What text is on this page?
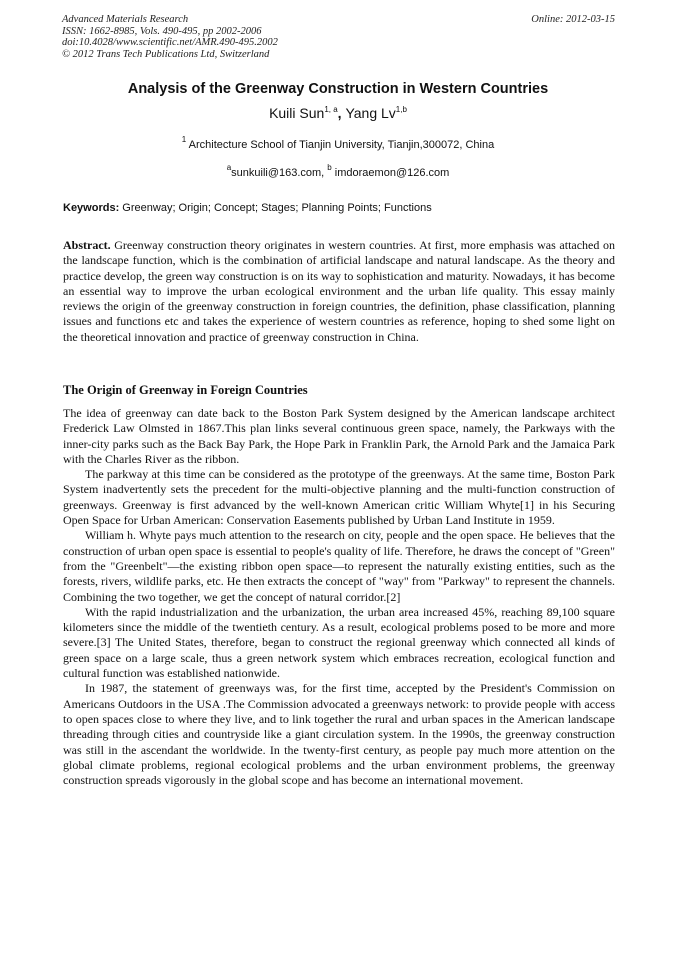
Advanced Materials Research
ISSN: 1662-8985, Vols. 490-495, pp 2002-2006
doi:10.4028/www.scientific.net/AMR.490-495.2002
© 2012 Trans Tech Publications Ltd, Switzerland
Online: 2012-03-15
Analysis of the Greenway Construction in Western Countries
Kuili Sun$^{1, a}$, Yang Lv$^{1,b}$
$^1$ Architecture School of Tianjin University, Tianjin,300072, China
$^a$sunkuili@163.com, $^b$ imdoraemon@126.com
Keywords: Greenway; Origin; Concept; Stages; Planning Points; Functions
Abstract. Greenway construction theory originates in western countries. At first, more emphasis was attached on the landscape function, which is the combination of artificial landscape and natural landscape. As the theory and practice develop, the green way construction is on its way to sophistication and maturity. Nowadays, it has become an essential way to improve the urban ecological environment and the urban life quality. This essay mainly reviews the origin of the greenway construction in foreign countries, the definition, phase classification, planning issues and functions etc and takes the experience of western countries as reference, hoping to shed some light on the theoretical innovation and practice of greenway construction in China.
The Origin of Greenway in Foreign Countries

The idea of greenway can date back to the Boston Park System designed by the American landscape architect Frederick Law Olmsted in 1867.This plan links several continuous green space, namely, the Parkways with the inner-city parks such as the Back Bay Park, the Hope Park in Franklin Park, the Arnold Park and the Jamaica Park with the Charles River as the ribbon.

The parkway at this time can be considered as the prototype of the greenways. At the same time, Boston Park System inadvertently sets the precedent for the multi-objective planning and the multi-function construction of greenways. Greenway is first advanced by the well-known American critic William Whyte[1] in his Securing Open Space for Urban American: Conservation Easements published by Urban Land Institute in 1959.

William h. Whyte pays much attention to the research on city, people and the open space. He believes that the construction of urban open space is essential to people's quality of life. Therefore, he draws the concept of "Green" from the "Greenbelt"—the existing ribbon open space—to represent the naturally existing entities, such as the forests, rivers, wildlife parks, etc. He then extracts the concept of "way" from "Parkway" to represent the channels. Combining the two together, we get the concept of natural corridor.[2]

With the rapid industrialization and the urbanization, the urban area increased 45%, reaching 89,100 square kilometers since the middle of the twentieth century. As a result, ecological problems posed to be more and more severe.[3] The United States, therefore, began to construct the regional greenway which connected all kinds of green space on a large scale, thus a green network system which embraces recreation, ecological function and cultural function was established nationwide.

In 1987, the statement of greenways was, for the first time, accepted by the President's Commission on Americans Outdoors in the USA .The Commission advocated a greenways network: to provide people with access to open spaces close to where they live, and to link together the rural and urban spaces in the American landscape threading through cities and countryside like a giant circulation system. In the 1990s, the greenway construction was still in the ascendant the worldwide. In the twenty-first century, as people pay much more attention on the global climate problems, regional ecological problems and the urban environment problems, the greenway construction spreads vigorously in the global scope and has become an international movement.
